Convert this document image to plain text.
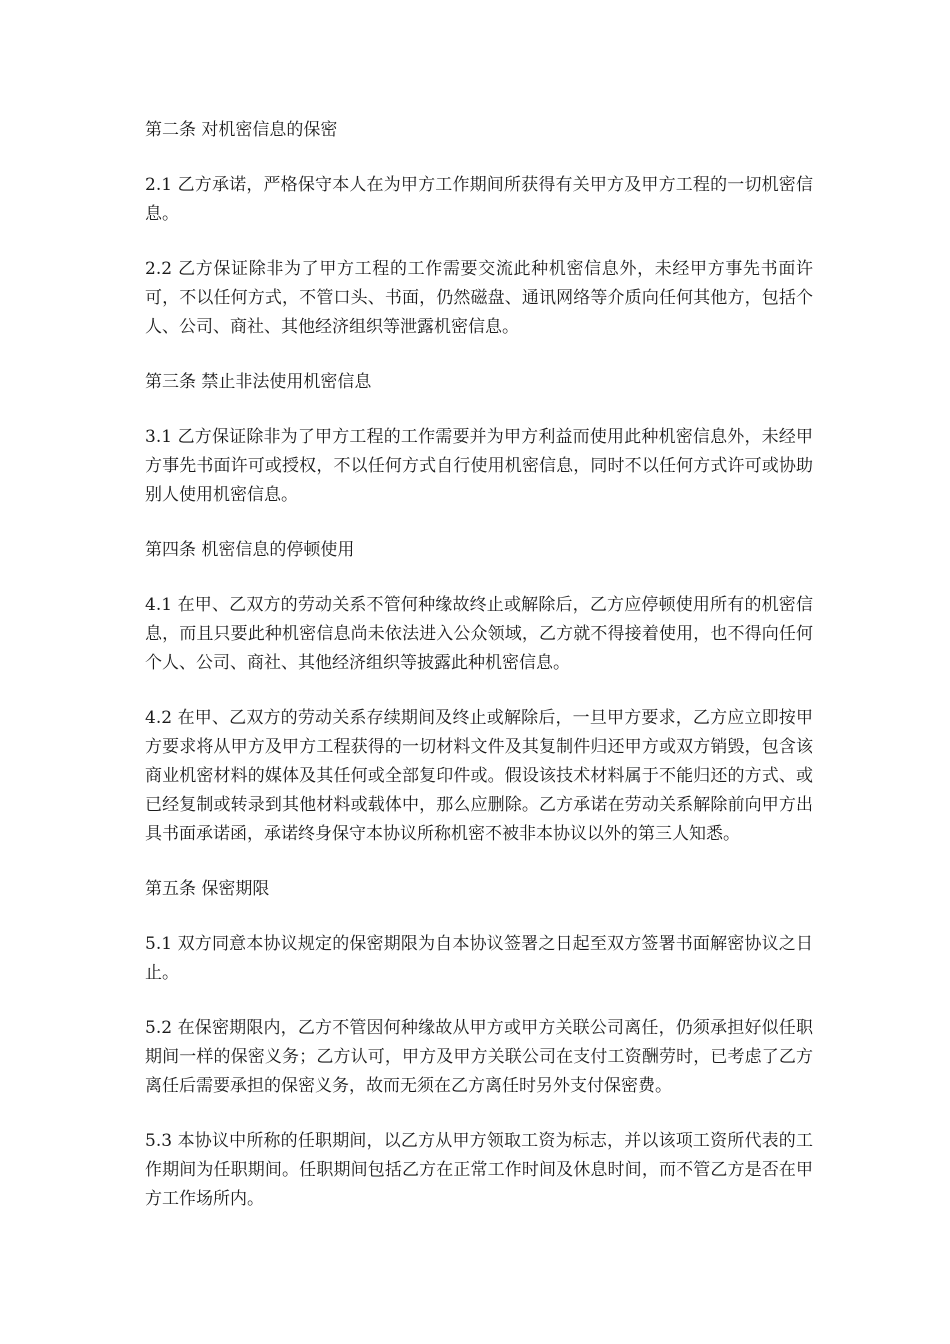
第二条 对机密信息的保密

2.1 乙方承诺，严格保守本人在为甲方工作期间所获得有关甲方及甲方工程的一切机密信息。

2.2 乙方保证除非为了甲方工程的工作需要交流此种机密信息外，未经甲方事先书面许可，不以任何方式，不管口头、书面，仍然磁盘、通讯网络等介质向任何其他方，包括个人、公司、商社、其他经济组织等泄露机密信息。

第三条 禁止非法使用机密信息

3.1 乙方保证除非为了甲方工程的工作需要并为甲方利益而使用此种机密信息外，未经甲方事先书面许可或授权，不以任何方式自行使用机密信息，同时不以任何方式许可或协助别人使用机密信息。

第四条 机密信息的停顿使用

4.1 在甲、乙双方的劳动关系不管何种缘故终止或解除后，乙方应停顿使用所有的机密信息，而且只要此种机密信息尚未依法进入公众领域，乙方就不得接着使用，也不得向任何个人、公司、商社、其他经济组织等披露此种机密信息。

4.2 在甲、乙双方的劳动关系存续期间及终止或解除后，一旦甲方要求，乙方应立即按甲方要求将从甲方及甲方工程获得的一切材料文件及其复制件归还甲方或双方销毁，包含该商业机密材料的媒体及其任何或全部复印件或。假设该技术材料属于不能归还的方式、或已经复制或转录到其他材料或载体中，那么应删除。乙方承诺在劳动关系解除前向甲方出具书面承诺函，承诺终身保守本协议所称机密不被非本协议以外的第三人知悉。

第五条 保密期限

5.1 双方同意本协议规定的保密期限为自本协议签署之日起至双方签署书面解密协议之日止。

5.2 在保密期限内，乙方不管因何种缘故从甲方或甲方关联公司离任，仍须承担好似任职期间一样的保密义务；乙方认可，甲方及甲方关联公司在支付工资酬劳时，已考虑了乙方离任后需要承担的保密义务，故而无须在乙方离任时另外支付保密费。

5.3 本协议中所称的任职期间，以乙方从甲方领取工资为标志，并以该项工资所代表的工作期间为任职期间。任职期间包括乙方在正常工作时间及休息时间，而不管乙方是否在甲方工作场所内。
